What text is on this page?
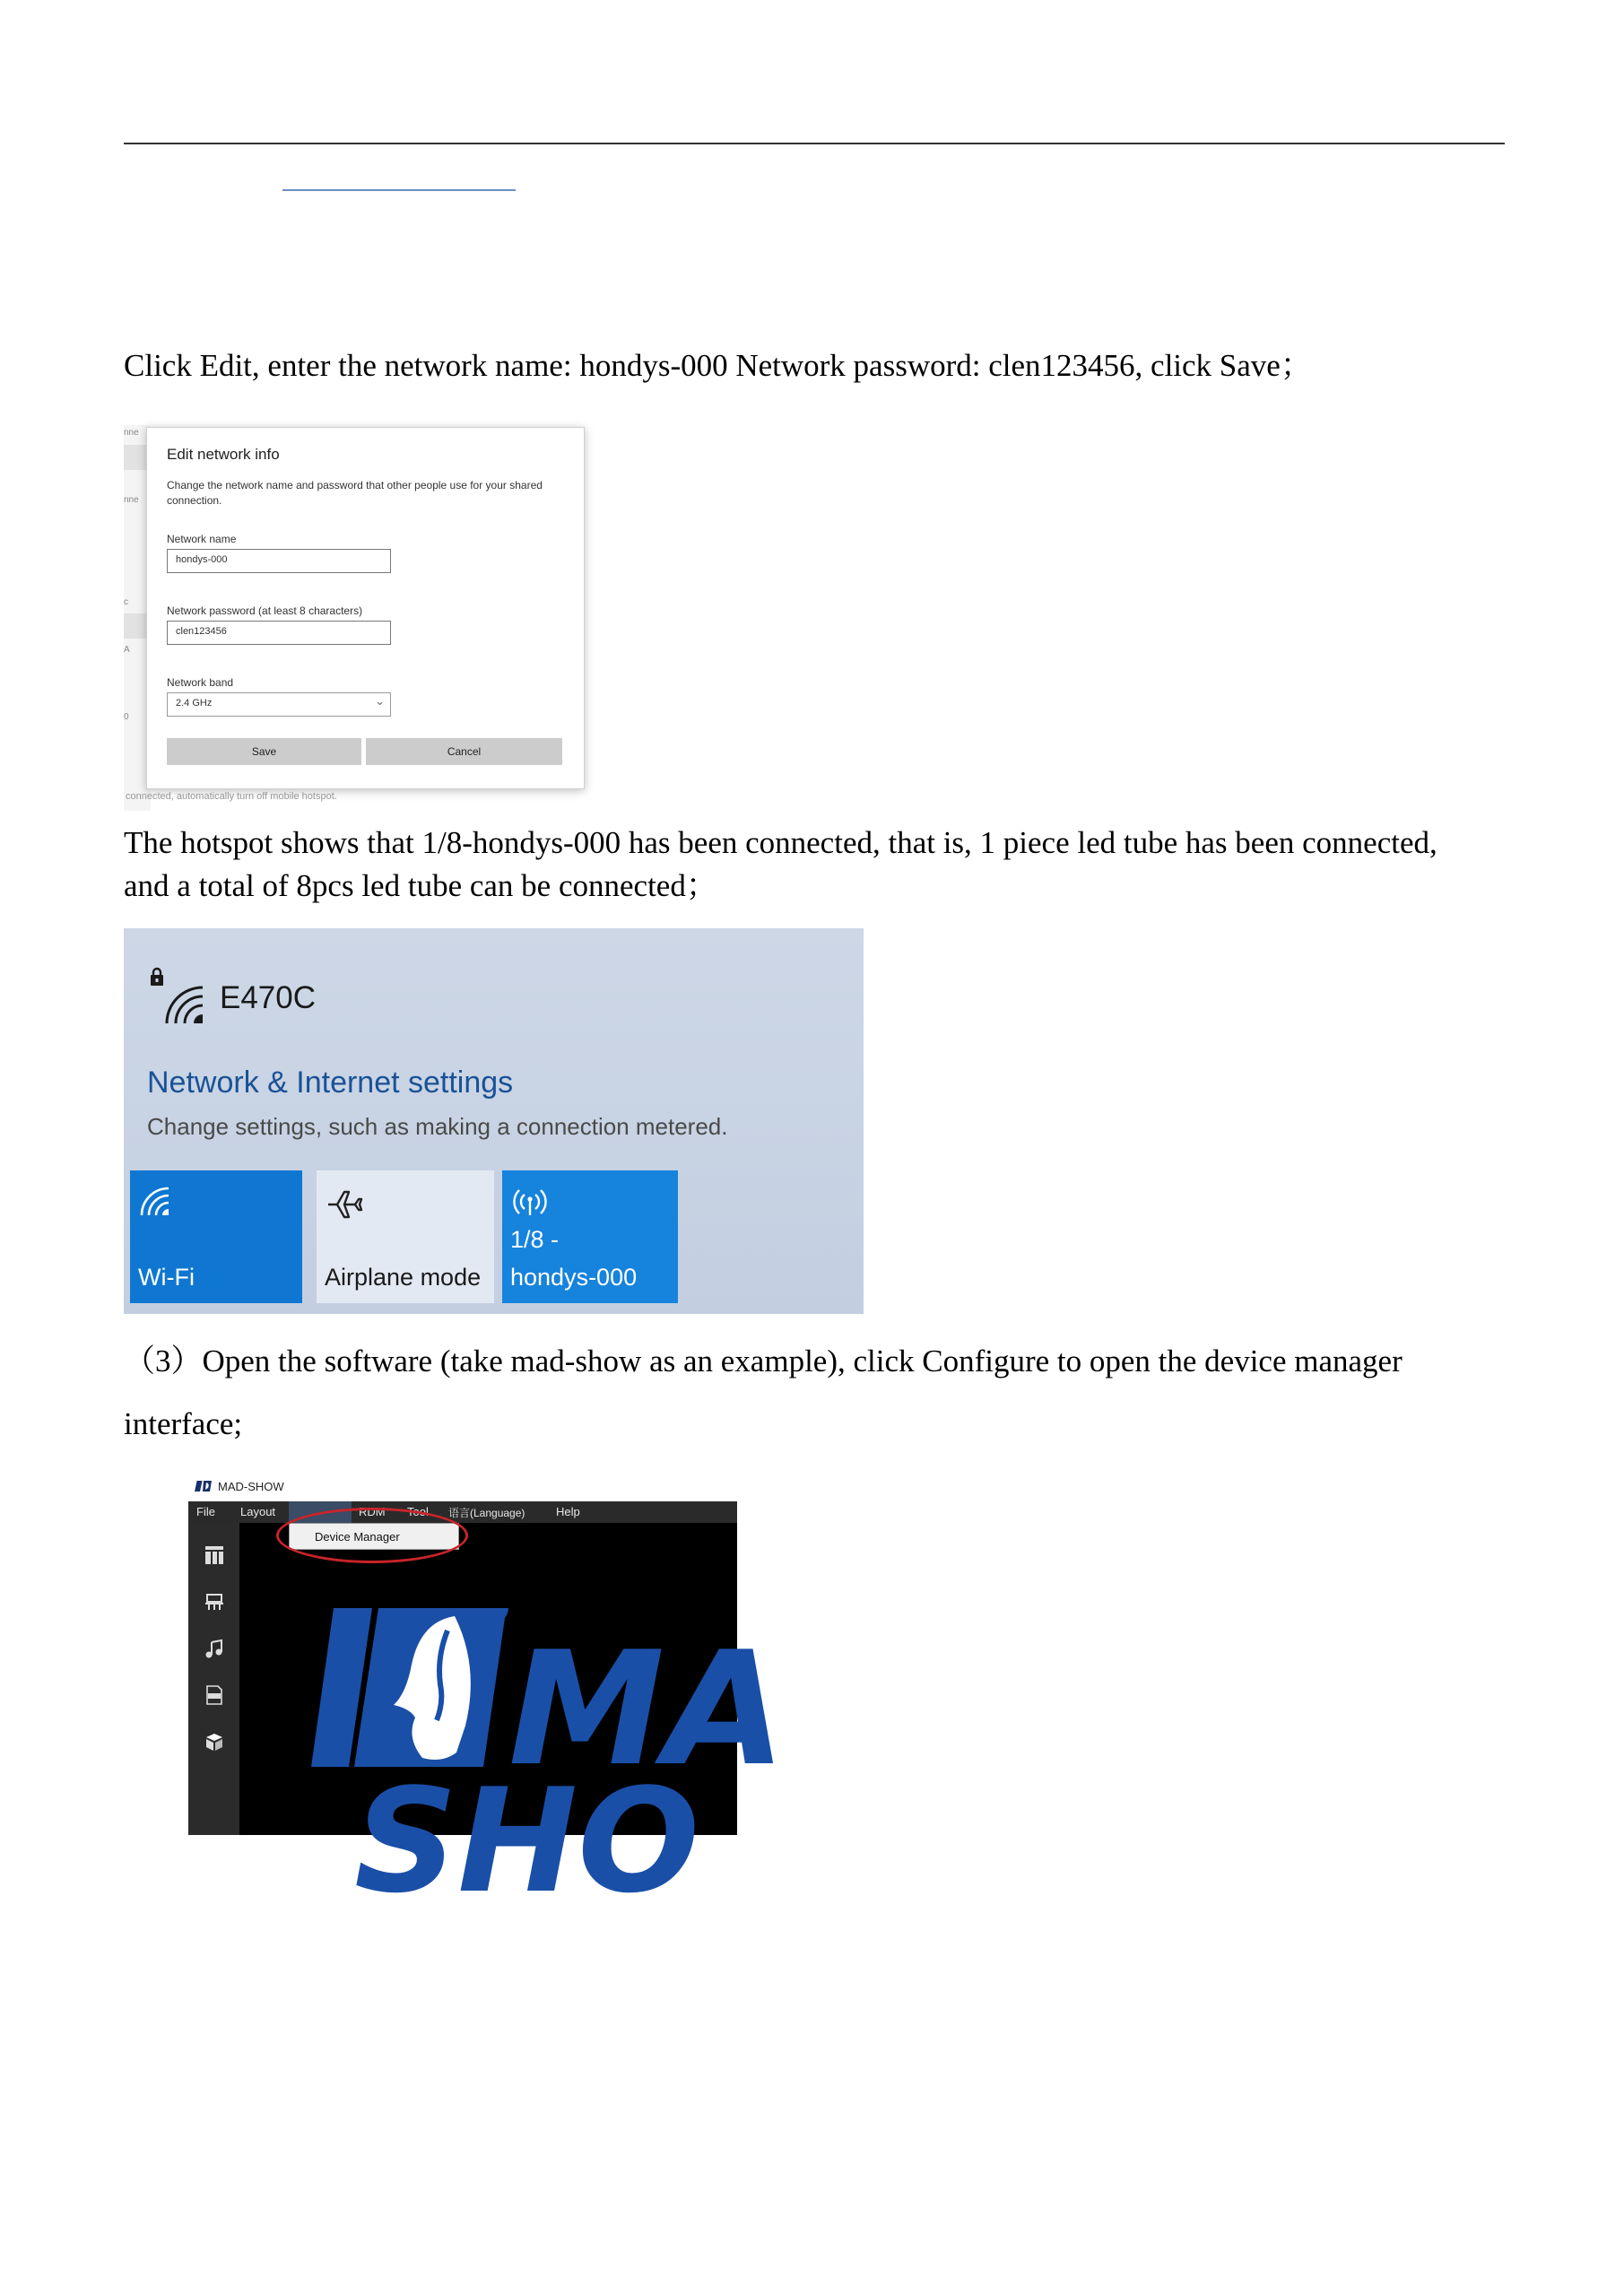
Click Edit, enter the network name: hondys-000 Network password: clen123456, click Save；
nne
nne
c
A
0
Edit network info
Change the network name and password that other people use for your shared connection.
Network name
hondys-000
Network password (at least 8 characters)
clen123456
Network band
2.4 GHz	⌄
Save	Cancel
connected, automatically turn off mobile hotspot.
The hotspot shows that 1/8-hondys-000 has been connected, that is, 1 piece led tube has been connected,
and a total of 8pcs led tube can be connected；
E470C
Network & Internet settings
Change settings, such as making a connection metered.
Wi-Fi	Airplane mode
1/8 -
hondys-000
（3）Open the software (take mad-show as an example), click Configure to open the device manager
interface;
MAD-SHOW
File Layout	RDM Tool 语言(Language)	Help
MA
SHO
Device Manager
